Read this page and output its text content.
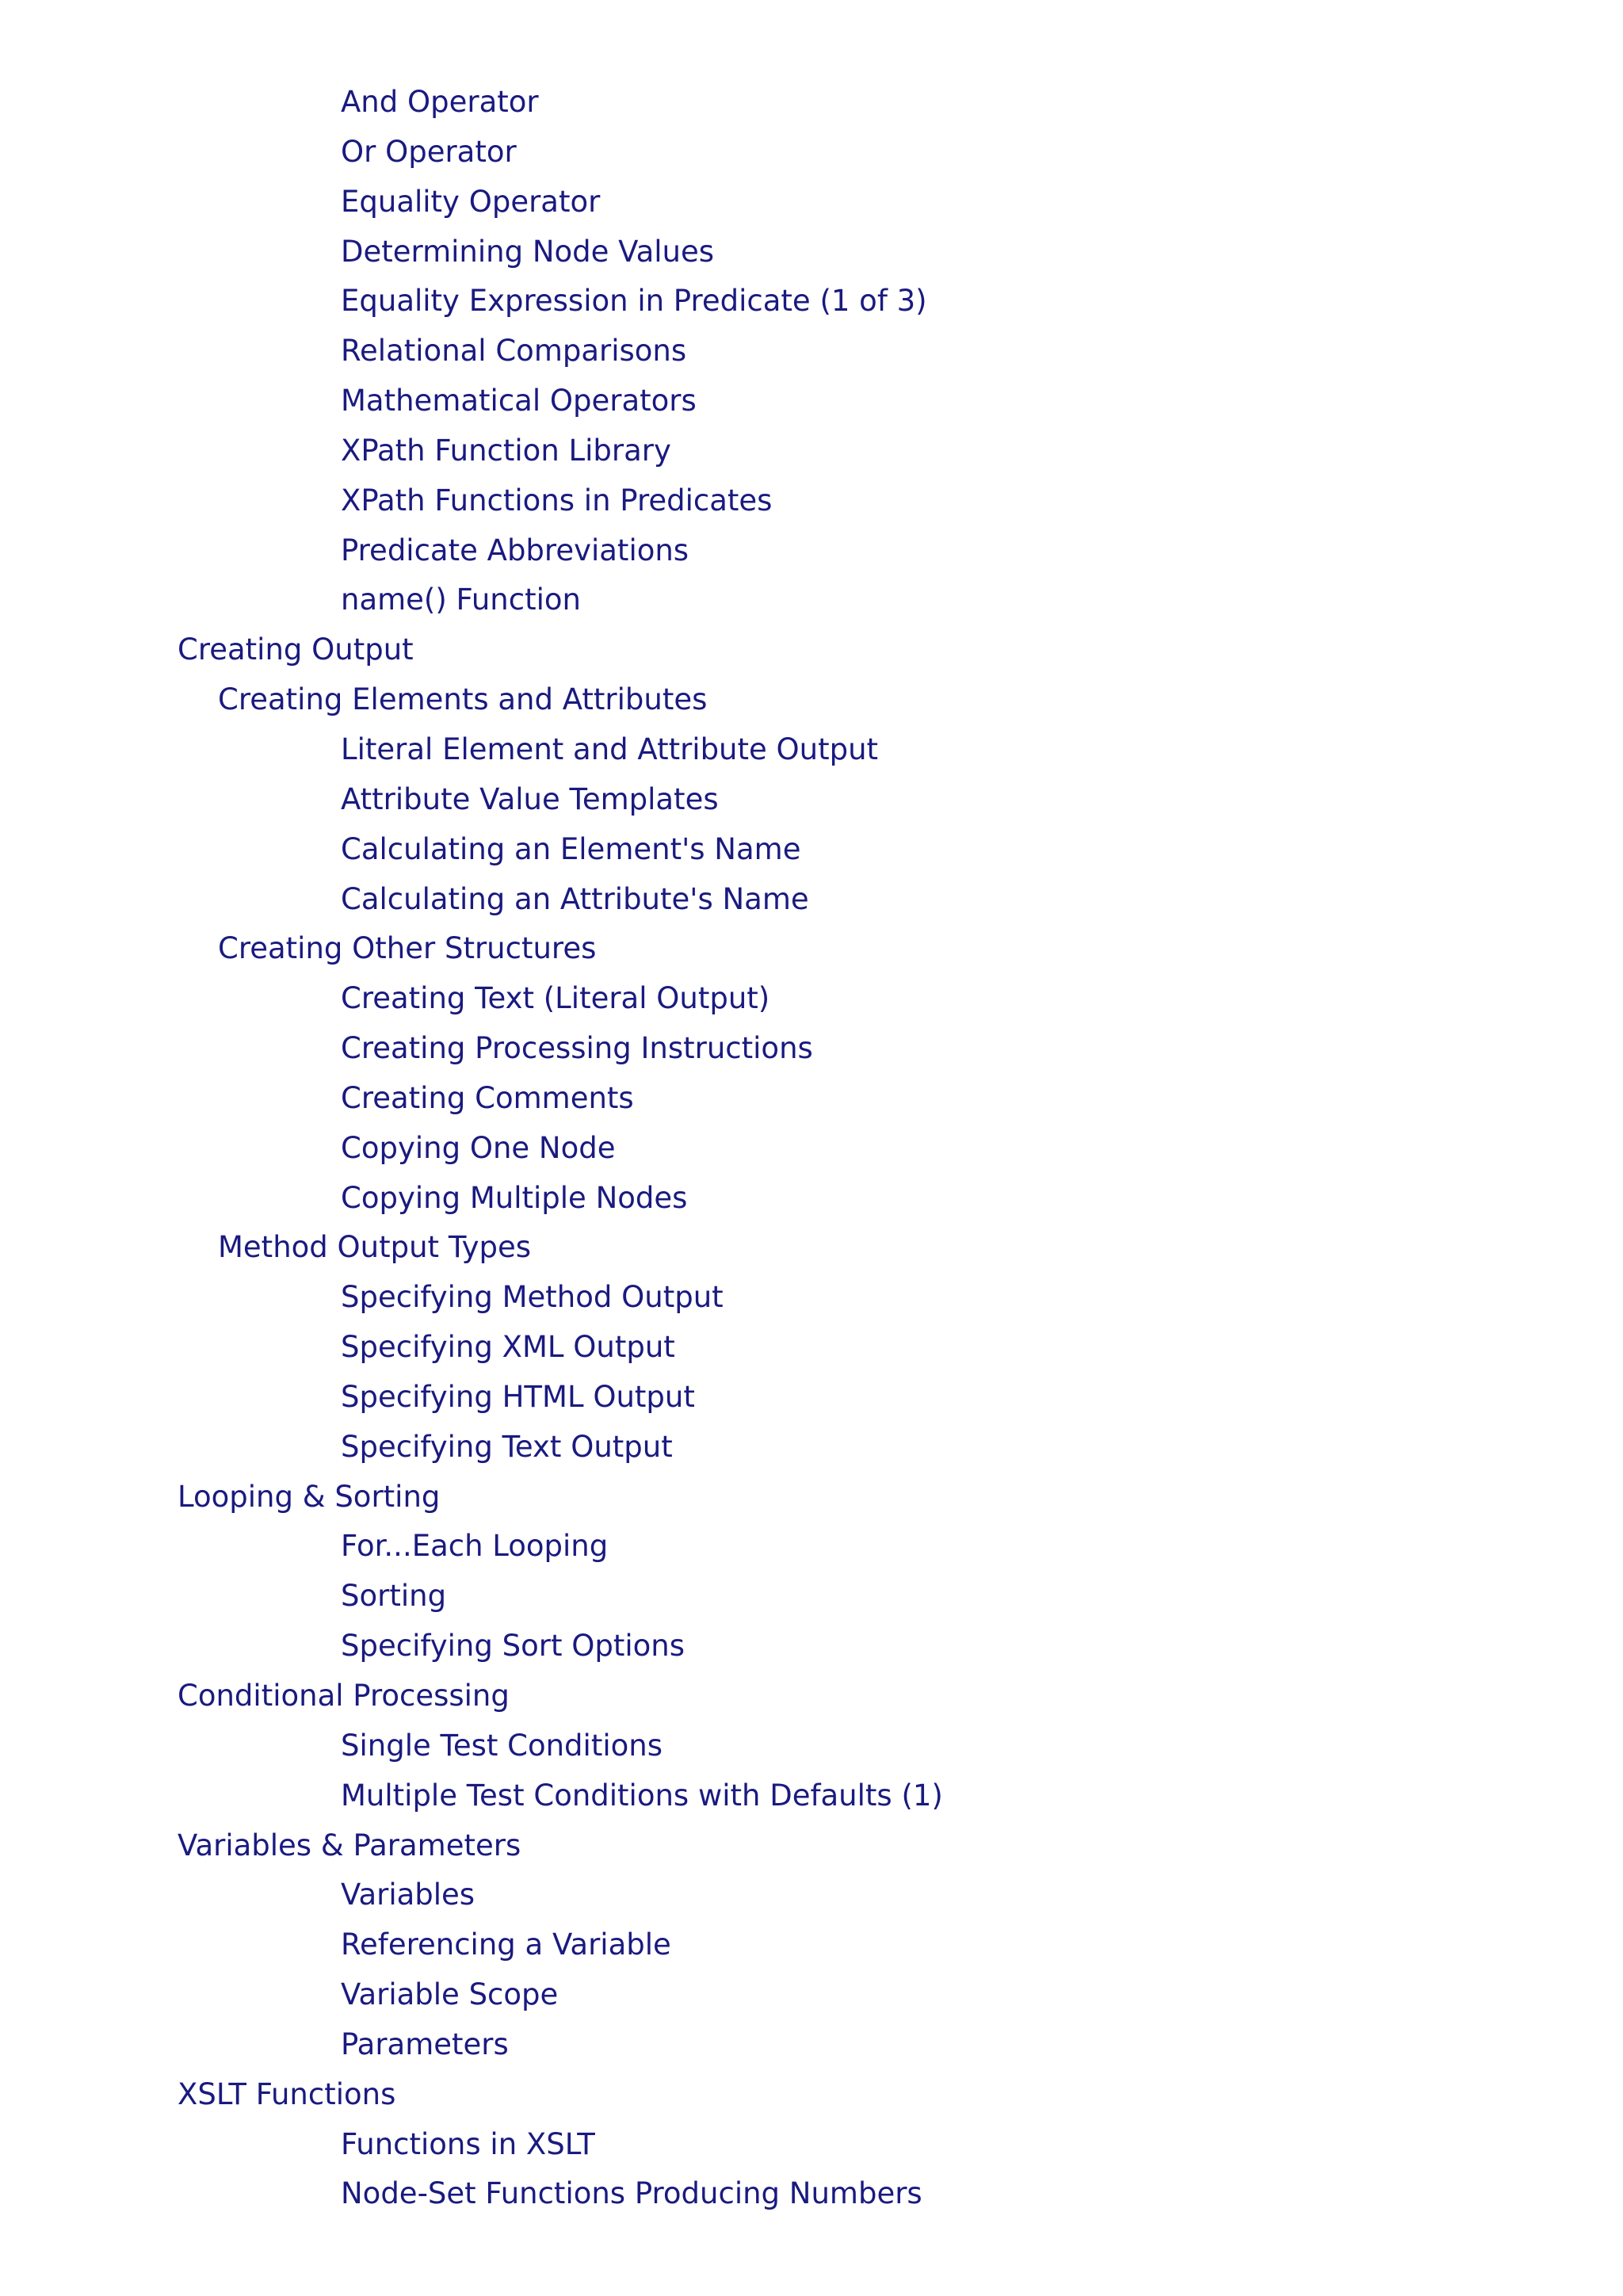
And Operator
Or Operator
Equality Operator
Determining Node Values
Equality Expression in Predicate (1 of 3)
Relational Comparisons
Mathematical Operators
XPath Function Library
XPath Functions in Predicates
Predicate Abbreviations
name() Function
Creating Output
Creating Elements and Attributes
Literal Element and Attribute Output
Attribute Value Templates
Calculating an Element's Name
Calculating an Attribute's Name
Creating Other Structures
Creating Text (Literal Output)
Creating Processing Instructions
Creating Comments
Copying One Node
Copying Multiple Nodes
Method Output Types
Specifying Method Output
Specifying XML Output
Specifying HTML Output
Specifying Text Output
Looping & Sorting
For...Each Looping
Sorting
Specifying Sort Options
Conditional Processing
Single Test Conditions
Multiple Test Conditions with Defaults (1)
Variables & Parameters
Variables
Referencing a Variable
Variable Scope
Parameters
XSLT Functions
Functions in XSLT
Node-Set Functions Producing Numbers
